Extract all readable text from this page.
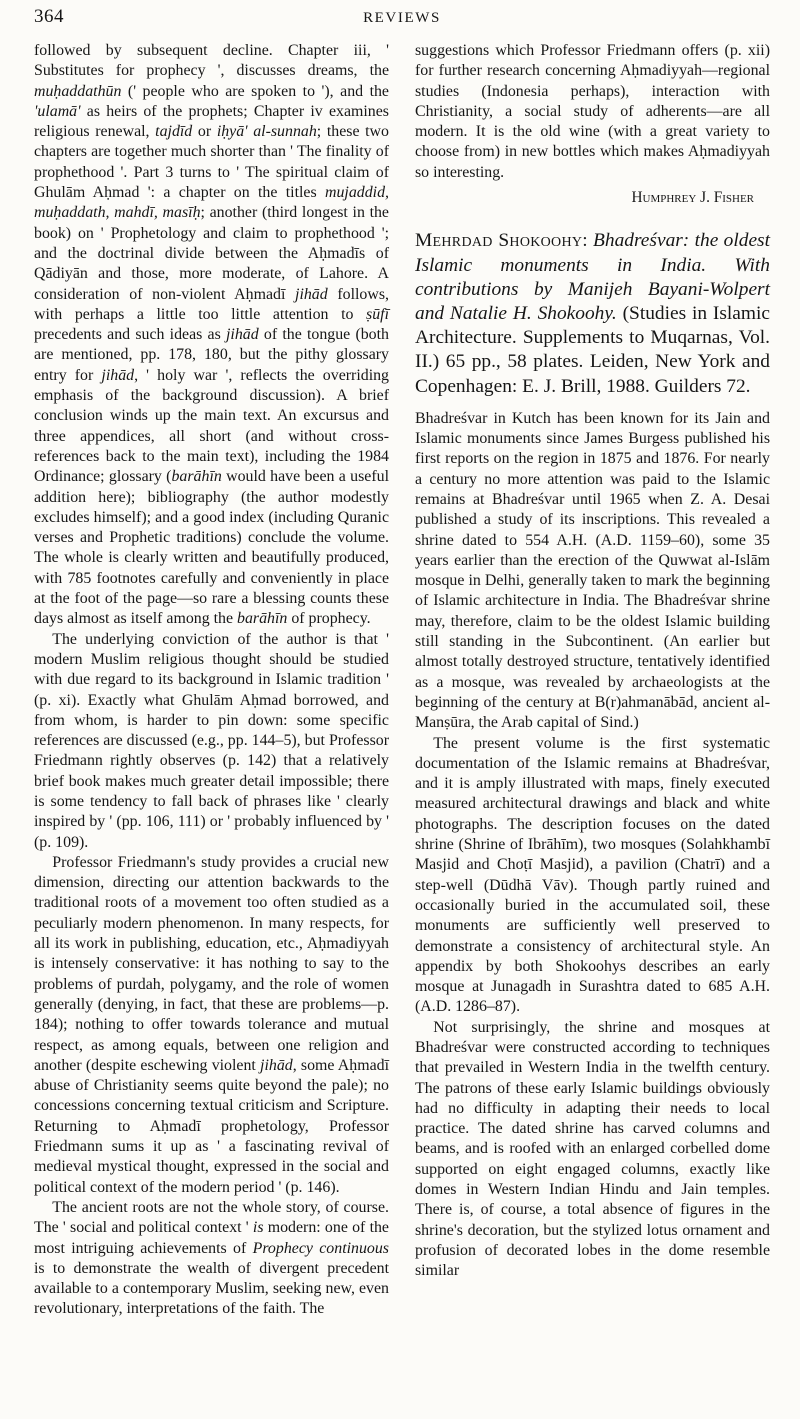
364	REVIEWS

followed by subsequent decline. Chapter iii, ' Substitutes for prophecy ', discusses dreams, the muḥaddathūn (' people who are spoken to '), and the 'ulamā' as heirs of the prophets; Chapter iv examines religious renewal, tajdīd or iḥyā' al-sunnah; these two chapters are together much shorter than ' The finality of prophethood '. Part 3 turns to ' The spiritual claim of Ghulām Aḥmad ': a chapter on the titles mujaddid, muḥaddath, mahdī, masīḥ; another (third longest in the book) on ' Prophetology and claim to prophethood '; and the doctrinal divide between the Aḥmadīs of Qādiyān and those, more moderate, of Lahore. A consideration of non-violent Aḥmadī jihād follows, with perhaps a little too little attention to ṣūfī precedents and such ideas as jihād of the tongue (both are mentioned, pp. 178, 180, but the pithy glossary entry for jihād, ' holy war ', reflects the overriding emphasis of the background discussion). A brief conclusion winds up the main text. An excursus and three appendices, all short (and without cross-references back to the main text), including the 1984 Ordinance; glossary (barāhīn would have been a useful addition here); bibliography (the author modestly excludes himself); and a good index (including Quranic verses and Prophetic traditions) conclude the volume. The whole is clearly written and beautifully produced, with 785 footnotes carefully and conveniently in place at the foot of the page—so rare a blessing counts these days almost as itself among the barāhīn of prophecy.

The underlying conviction of the author is that ' modern Muslim religious thought should be studied with due regard to its background in Islamic tradition ' (p. xi). Exactly what Ghulām Aḥmad borrowed, and from whom, is harder to pin down: some specific references are discussed (e.g., pp. 144–5), but Professor Friedmann rightly observes (p. 142) that a relatively brief book makes much greater detail impossible; there is some tendency to fall back of phrases like ' clearly inspired by ' (pp. 106, 111) or ' probably influenced by ' (p. 109).

Professor Friedmann's study provides a crucial new dimension, directing our attention backwards to the traditional roots of a movement too often studied as a peculiarly modern phenomenon. In many respects, for all its work in publishing, education, etc., Aḥmadiyyah is intensely conservative: it has nothing to say to the problems of purdah, polygamy, and the role of women generally (denying, in fact, that these are problems—p. 184); nothing to offer towards tolerance and mutual respect, as among equals, between one religion and another (despite eschewing violent jihād, some Aḥmadī abuse of Christianity seems quite beyond the pale); no concessions concerning textual criticism and Scripture. Returning to Aḥmadī prophetology, Professor Friedmann sums it up as ' a fascinating revival of medieval mystical thought, expressed in the social and political context of the modern period ' (p. 146).

The ancient roots are not the whole story, of course. The ' social and political context ' is modern: one of the most intriguing achievements of Prophecy continuous is to demonstrate the wealth of divergent precedent available to a contemporary Muslim, seeking new, even revolutionary, interpretations of the faith. The

suggestions which Professor Friedmann offers (p. xii) for further research concerning Aḥmadiyyah—regional studies (Indonesia perhaps), interaction with Christianity, a social study of adherents—are all modern. It is the old wine (with a great variety to choose from) in new bottles which makes Aḥmadiyyah so interesting.

Humphrey J. Fisher

Mehrdad Shokoohy: Bhadreśvar: the oldest Islamic monuments in India. With contributions by Manijeh Bayani-Wolpert and Natalie H. Shokoohy. (Studies in Islamic Architecture. Supplements to Muqarnas, Vol. II.) 65 pp., 58 plates. Leiden, New York and Copenhagen: E. J. Brill, 1988. Guilders 72.

Bhadreśvar in Kutch has been known for its Jain and Islamic monuments since James Burgess published his first reports on the region in 1875 and 1876. For nearly a century no more attention was paid to the Islamic remains at Bhadreśvar until 1965 when Z. A. Desai published a study of its inscriptions. This revealed a shrine dated to 554 A.H. (A.D. 1159–60), some 35 years earlier than the erection of the Quwwat al-Islām mosque in Delhi, generally taken to mark the beginning of Islamic architecture in India. The Bhadreśvar shrine may, therefore, claim to be the oldest Islamic building still standing in the Subcontinent. (An earlier but almost totally destroyed structure, tentatively identified as a mosque, was revealed by archaeologists at the beginning of the century at B(r)ahmanābād, ancient al-Manṣūra, the Arab capital of Sind.)

The present volume is the first systematic documentation of the Islamic remains at Bhadreśvar, and it is amply illustrated with maps, finely executed measured architectural drawings and black and white photographs. The description focuses on the dated shrine (Shrine of Ibrāhīm), two mosques (Solahkhambī Masjid and Choṭī Masjid), a pavilion (Chatrī) and a step-well (Dūdhā Vāv). Though partly ruined and occasionally buried in the accumulated soil, these monuments are sufficiently well preserved to demonstrate a consistency of architectural style. An appendix by both Shokoohys describes an early mosque at Junagadh in Surashtra dated to 685 A.H. (A.D. 1286–87).

Not surprisingly, the shrine and mosques at Bhadreśvar were constructed according to techniques that prevailed in Western India in the twelfth century. The patrons of these early Islamic buildings obviously had no difficulty in adapting their needs to local practice. The dated shrine has carved columns and beams, and is roofed with an enlarged corbelled dome supported on eight engaged columns, exactly like domes in Western Indian Hindu and Jain temples. There is, of course, a total absence of figures in the shrine's decoration, but the stylized lotus ornament and profusion of decorated lobes in the dome resemble similar
